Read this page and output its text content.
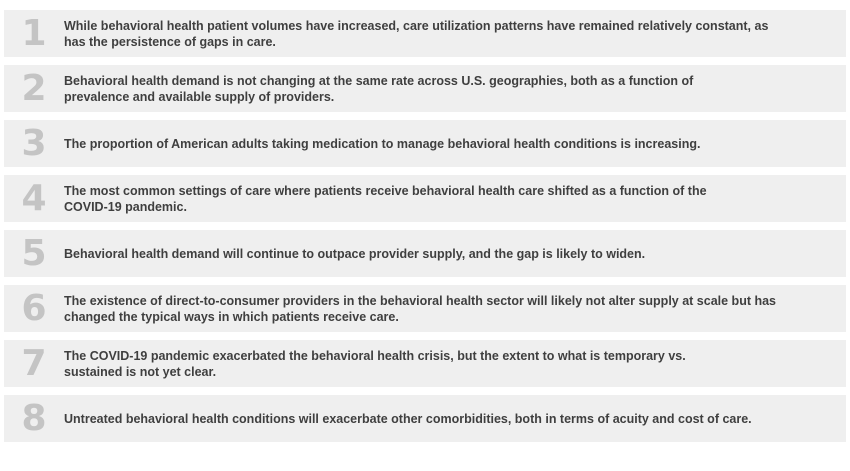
1 While behavioral health patient volumes have increased, care utilization patterns have remained relatively constant, as has the persistence of gaps in care.
2 Behavioral health demand is not changing at the same rate across U.S. geographies, both as a function of prevalence and available supply of providers.
3 The proportion of American adults taking medication to manage behavioral health conditions is increasing.
4 The most common settings of care where patients receive behavioral health care shifted as a function of the COVID-19 pandemic.
5 Behavioral health demand will continue to outpace provider supply, and the gap is likely to widen.
6 The existence of direct-to-consumer providers in the behavioral health sector will likely not alter supply at scale but has changed the typical ways in which patients receive care.
7 The COVID-19 pandemic exacerbated the behavioral health crisis, but the extent to what is temporary vs. sustained is not yet clear.
8 Untreated behavioral health conditions will exacerbate other comorbidities, both in terms of acuity and cost of care.
